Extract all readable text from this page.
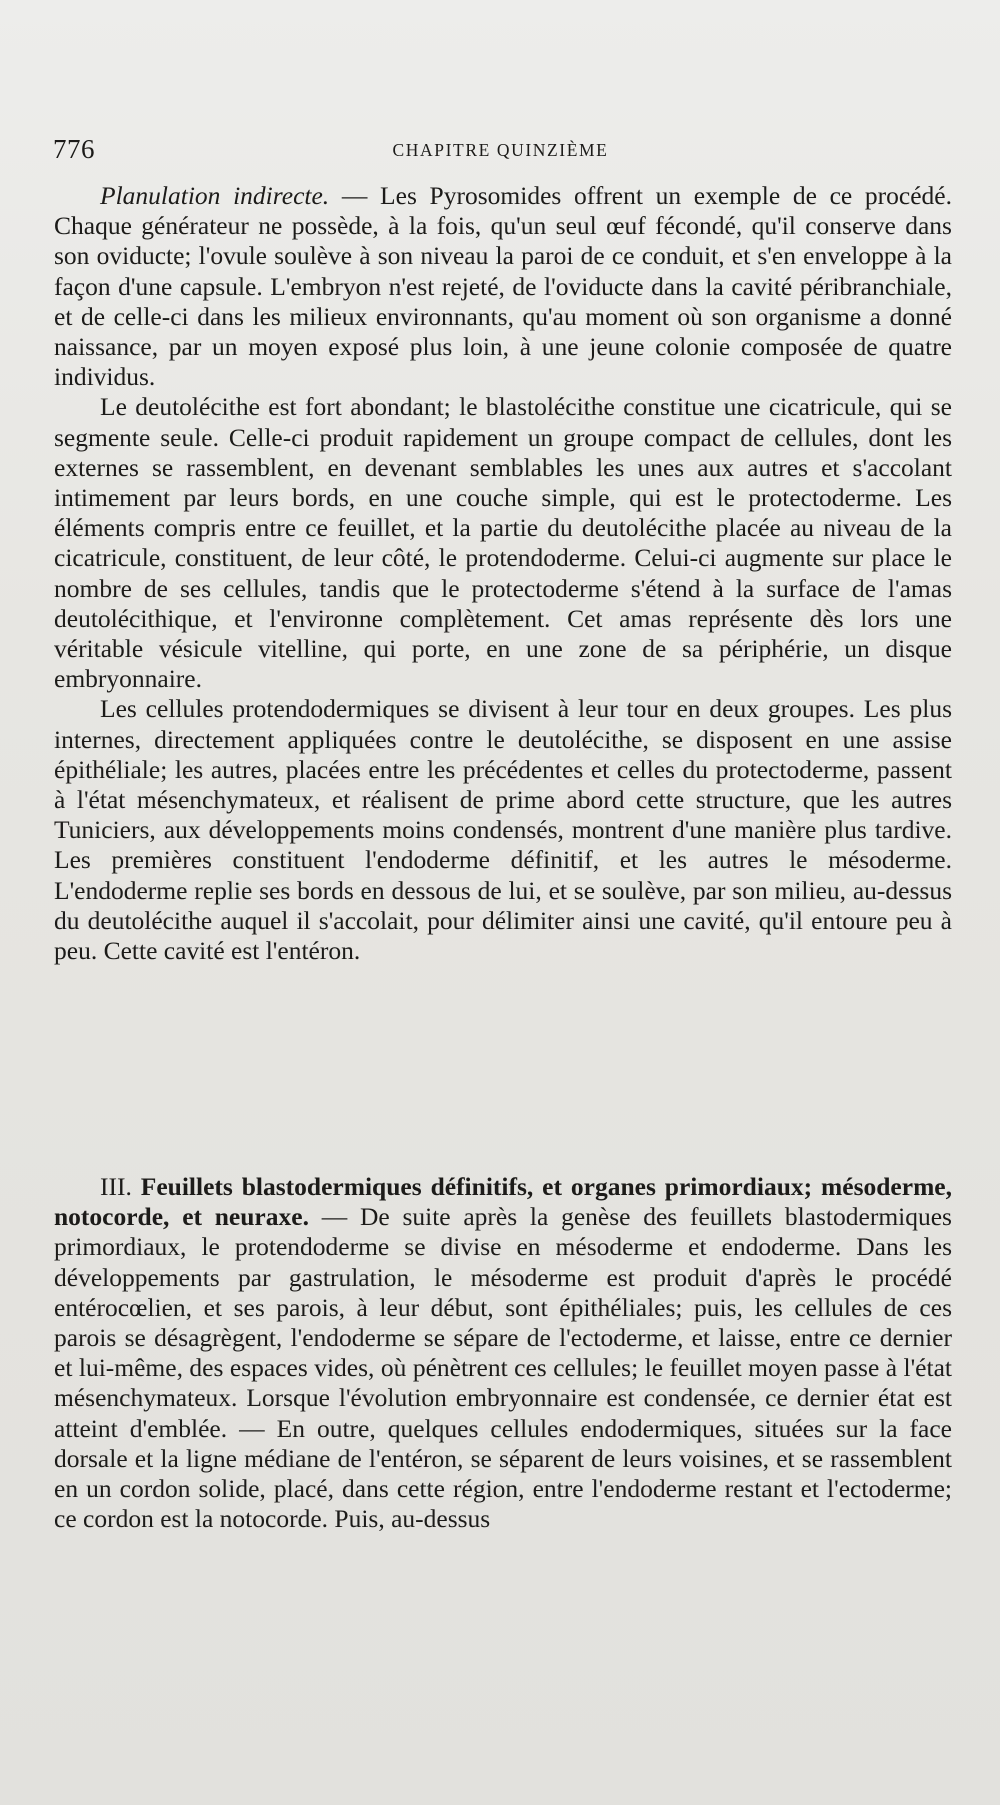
776	CHAPITRE QUINZIÈME

Planulation indirecte. — Les Pyrosomides offrent un exemple de ce procédé. Chaque générateur ne possède, à la fois, qu'un seul œuf fécondé, qu'il conserve dans son oviducte; l'ovule soulève à son niveau la paroi de ce conduit, et s'en enveloppe à la façon d'une capsule. L'embryon n'est rejeté, de l'oviducte dans la cavité péribranchiale, et de celle-ci dans les milieux environnants, qu'au moment où son organisme a donné naissance, par un moyen exposé plus loin, à une jeune colonie composée de quatre individus.

Le deutolécithe est fort abondant; le blastolécithe constitue une cicatricule, qui se segmente seule. Celle-ci produit rapidement un groupe compact de cellules, dont les externes se rassemblent, en devenant semblables les unes aux autres et s'accolant intimement par leurs bords, en une couche simple, qui est le protectoderme. Les éléments compris entre ce feuillet, et la partie du deutolécithe placée au niveau de la cicatricule, constituent, de leur côté, le protendoderme. Celui-ci augmente sur place le nombre de ses cellules, tandis que le protectoderme s'étend à la surface de l'amas deutolécithique, et l'environne complètement. Cet amas représente dès lors une véritable vésicule vitelline, qui porte, en une zone de sa périphérie, un disque embryonnaire.

Les cellules protendodermiques se divisent à leur tour en deux groupes. Les plus internes, directement appliquées contre le deutolécithe, se disposent en une assise épithéliale; les autres, placées entre les précédentes et celles du protectoderme, passent à l'état mésenchymateux, et réalisent de prime abord cette structure, que les autres Tuniciers, aux développements moins condensés, montrent d'une manière plus tardive. Les premières constituent l'endoderme définitif, et les autres le mésoderme. L'endoderme replie ses bords en dessous de lui, et se soulève, par son milieu, au-dessus du deutolécithe auquel il s'accolait, pour délimiter ainsi une cavité, qu'il entoure peu à peu. Cette cavité est l'entéron.

III. Feuillets blastodermiques définitifs, et organes primordiaux; mésoderme, notocorde, et neuraxe. — De suite après la genèse des feuillets blastodermiques primordiaux, le protendoderme se divise en mésoderme et endoderme. Dans les développements par gastrulation, le mésoderme est produit d'après le procédé entérocœlien, et ses parois, à leur début, sont épithéliales; puis, les cellules de ces parois se désagrègent, l'endoderme se sépare de l'ectoderme, et laisse, entre ce dernier et lui-même, des espaces vides, où pénètrent ces cellules; le feuillet moyen passe à l'état mésenchymateux. Lorsque l'évolution embryonnaire est condensée, ce dernier état est atteint d'emblée. — En outre, quelques cellules endodermiques, situées sur la face dorsale et la ligne médiane de l'entéron, se séparent de leurs voisines, et se rassemblent en un cordon solide, placé, dans cette région, entre l'endoderme restant et l'ectoderme; ce cordon est la notocorde. Puis, au-dessus
